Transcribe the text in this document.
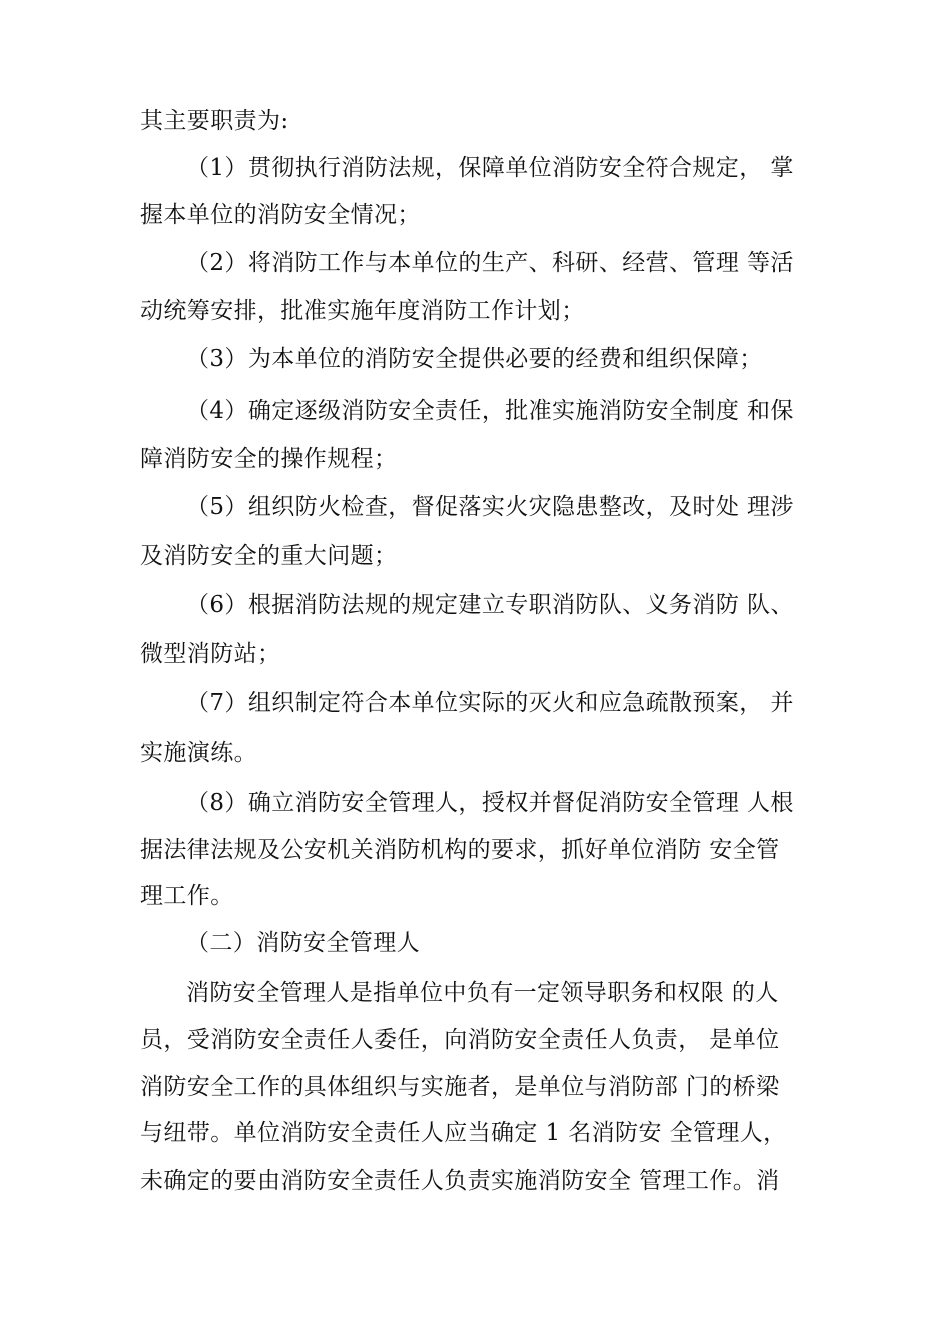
其主要职责为:
（1）贯彻执行消防法规，保障单位消防安全符合规定， 掌
握本单位的消防安全情况；
（2）将消防工作与本单位的生产、科研、经营、管理 等活
动统筹安排，批准实施年度消防工作计划；
（3）为本单位的消防安全提供必要的经费和组织保障；
（4）确定逐级消防安全责任，批准实施消防安全制度 和保
障消防安全的操作规程；
（5）组织防火检查，督促落实火灾隐患整改，及时处 理涉
及消防安全的重大问题；
（6）根据消防法规的规定建立专职消防队、义务消防 队、
微型消防站；
（7）组织制定符合本单位实际的灭火和应急疏散预案， 并
实施演练。
（8）确立消防安全管理人，授权并督促消防安全管理 人根
据法律法规及公安机关消防机构的要求，抓好单位消防 安全管
理工作。
（二）消防安全管理人
消防安全管理人是指单位中负有一定领导职务和权限 的人
员，受消防安全责任人委任，向消防安全责任人负责， 是单位
消防安全工作的具体组织与实施者，是单位与消防部 门的桥梁
与纽带。单位消防安全责任人应当确定 1 名消防安 全管理人，
未确定的要由消防安全责任人负责实施消防安全 管理工作。消
